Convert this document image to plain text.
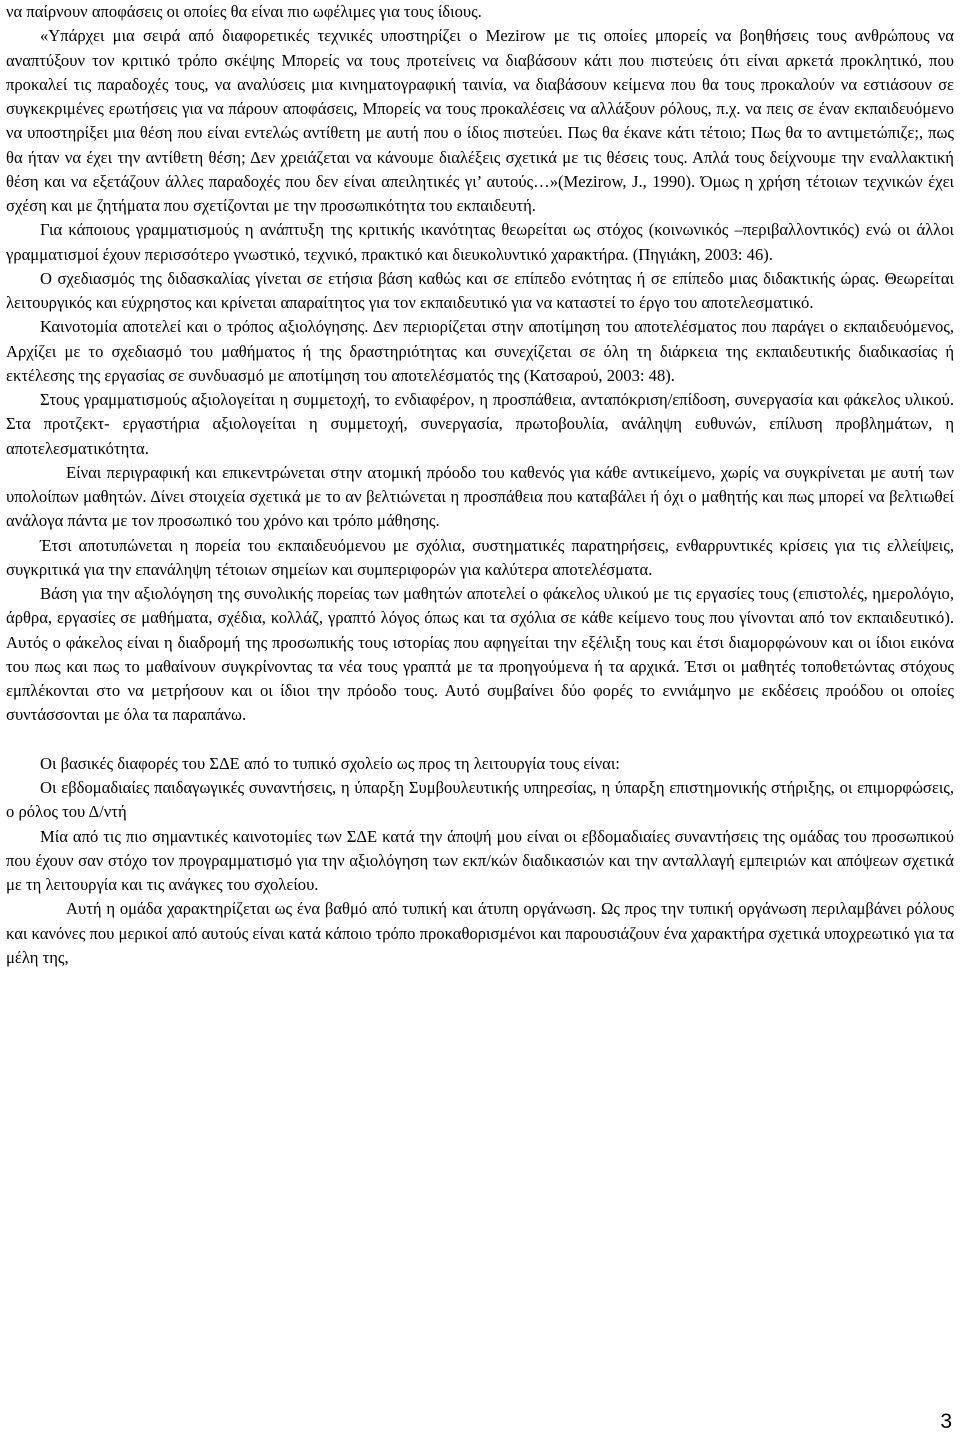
να παίρνουν αποφάσεις οι οποίες θα είναι πιο ωφέλιμες για τους ίδιους.

«Υπάρχει μια σειρά από διαφορετικές τεχνικές υποστηρίζει ο Mezirow με τις οποίες μπορείς να βοηθήσεις τους ανθρώπους να αναπτύξουν τον κριτικό τρόπο σκέψης Μπορείς να τους προτείνεις να διαβάσουν κάτι που πιστεύεις ότι είναι αρκετά προκλητικό, που προκαλεί τις παραδοχές τους, να αναλύσεις μια κινηματογραφική ταινία, να διαβάσουν κείμενα που θα τους προκαλούν να εστιάσουν σε συγκεκριμένες ερωτήσεις για να πάρουν αποφάσεις, Μπορείς να τους προκαλέσεις να αλλάξουν ρόλους, π.χ. να πεις σε έναν εκπαιδευόμενο να υποστηρίξει μια θέση που είναι εντελώς αντίθετη με αυτή που ο ίδιος πιστεύει. Πως θα έκανε κάτι τέτοιο; Πως θα το αντιμετώπιζε;, πως θα ήταν να έχει την αντίθετη θέση; Δεν χρειάζεται να κάνουμε διαλέξεις σχετικά με τις θέσεις τους. Απλά τους δείχνουμε την εναλλακτική θέση και να εξετάζουν άλλες παραδοχές που δεν είναι απειλητικές γι’ αυτούς…»(Mezirow, J., 1990). Όμως η χρήση τέτοιων τεχνικών έχει σχέση και με ζητήματα που σχετίζονται με την προσωπικότητα του εκπαιδευτή.

Για κάποιους γραμματισμούς η ανάπτυξη της κριτικής ικανότητας θεωρείται ως στόχος (κοινωνικός –περιβαλλοντικός) ενώ οι άλλοι γραμματισμοί έχουν περισσότερο γνωστικό, τεχνικό, πρακτικό και διευκολυντικό χαρακτήρα. (Πηγιάκη, 2003: 46).

Ο σχεδιασμός της διδασκαλίας γίνεται σε ετήσια βάση καθώς και σε επίπεδο ενότητας ή σε επίπεδο μιας διδακτικής ώρας. Θεωρείται λειτουργικός και εύχρηστος και κρίνεται απαραίτητος για τον εκπαιδευτικό για να καταστεί το έργο του αποτελεσματικό.

Καινοτομία αποτελεί και ο τρόπος αξιολόγησης. Δεν περιορίζεται στην αποτίμηση του αποτελέσματος που παράγει ο εκπαιδευόμενος, Αρχίζει με το σχεδιασμό του μαθήματος ή της δραστηριότητας και συνεχίζεται σε όλη τη διάρκεια της εκπαιδευτικής διαδικασίας ή εκτέλεσης της εργασίας σε συνδυασμό με αποτίμηση του αποτελέσματός της (Κατσαρού, 2003: 48).

Στους γραμματισμούς αξιολογείται η συμμετοχή, το ενδιαφέρον, η προσπάθεια, ανταπόκριση/επίδοση, συνεργασία και φάκελος υλικού. Στα προτζεκτ- εργαστήρια αξιολογείται η συμμετοχή, συνεργασία, πρωτοβουλία, ανάληψη ευθυνών, επίλυση προβλημάτων, η αποτελεσματικότητα.

Είναι περιγραφική και επικεντρώνεται στην ατομική πρόοδο του καθενός για κάθε αντικείμενο, χωρίς να συγκρίνεται με αυτή των υπολοίπων μαθητών. Δίνει στοιχεία σχετικά με το αν βελτιώνεται η προσπάθεια που καταβάλει ή όχι ο μαθητής και πως μπορεί να βελτιωθεί ανάλογα πάντα με τον προσωπικό του χρόνο και τρόπο μάθησης.

Έτσι αποτυπώνεται η πορεία του εκπαιδευόμενου με σχόλια, συστηματικές παρατηρήσεις, ενθαρρυντικές κρίσεις για τις ελλείψεις, συγκριτικά για την επανάληψη τέτοιων σημείων και συμπεριφορών για καλύτερα αποτελέσματα.

Βάση για την αξιολόγηση της συνολικής πορείας των μαθητών αποτελεί ο φάκελος υλικού με τις εργασίες τους (επιστολές, ημερολόγιο, άρθρα, εργασίες σε μαθήματα, σχέδια, κολλάζ, γραπτό λόγος όπως και τα σχόλια σε κάθε κείμενο τους που γίνονται από τον εκπαιδευτικό). Αυτός ο φάκελος είναι η διαδρομή της προσωπικής τους ιστορίας που αφηγείται την εξέλιξη τους και έτσι διαμορφώνουν και οι ίδιοι εικόνα του πως και πως το μαθαίνουν συγκρίνοντας τα νέα τους γραπτά με τα προηγούμενα ή τα αρχικά. Έτσι οι μαθητές τοποθετώντας στόχους εμπλέκονται στο να μετρήσουν και οι ίδιοι την πρόοδο τους. Αυτό συμβαίνει δύο φορές το εννιάμηνο με εκδέσεις προόδου οι οποίες συντάσσονται με όλα τα παραπάνω.

Οι βασικές διαφορές του ΣΔΕ από το τυπικό σχολείο ως προς τη λειτουργία τους είναι:

Οι εβδομαδιαίες παιδαγωγικές συναντήσεις, η ύπαρξη Συμβουλευτικής υπηρεσίας, η ύπαρξη επιστημονικής στήριξης, οι επιμορφώσεις, ο ρόλος του Δ/ντή

Μία από τις πιο σημαντικές καινοτομίες των ΣΔΕ κατά την άποψή μου είναι οι εβδομαδιαίες συναντήσεις της ομάδας του προσωπικού που έχουν σαν στόχο τον προγραμματισμό για την αξιολόγηση των εκπ/κών διαδικασιών και την ανταλλαγή εμπειριών και απόψεων σχετικά με τη λειτουργία και τις ανάγκες του σχολείου.

Αυτή η ομάδα χαρακτηρίζεται ως ένα βαθμό από τυπική και άτυπη οργάνωση. Ως προς την τυπική οργάνωση περιλαμβάνει ρόλους και κανόνες που μερικοί από αυτούς είναι κατά κάποιο τρόπο προκαθορισμένοι και παρουσιάζουν ένα χαρακτήρα σχετικά υποχρεωτικό για τα μέλη της,

3
